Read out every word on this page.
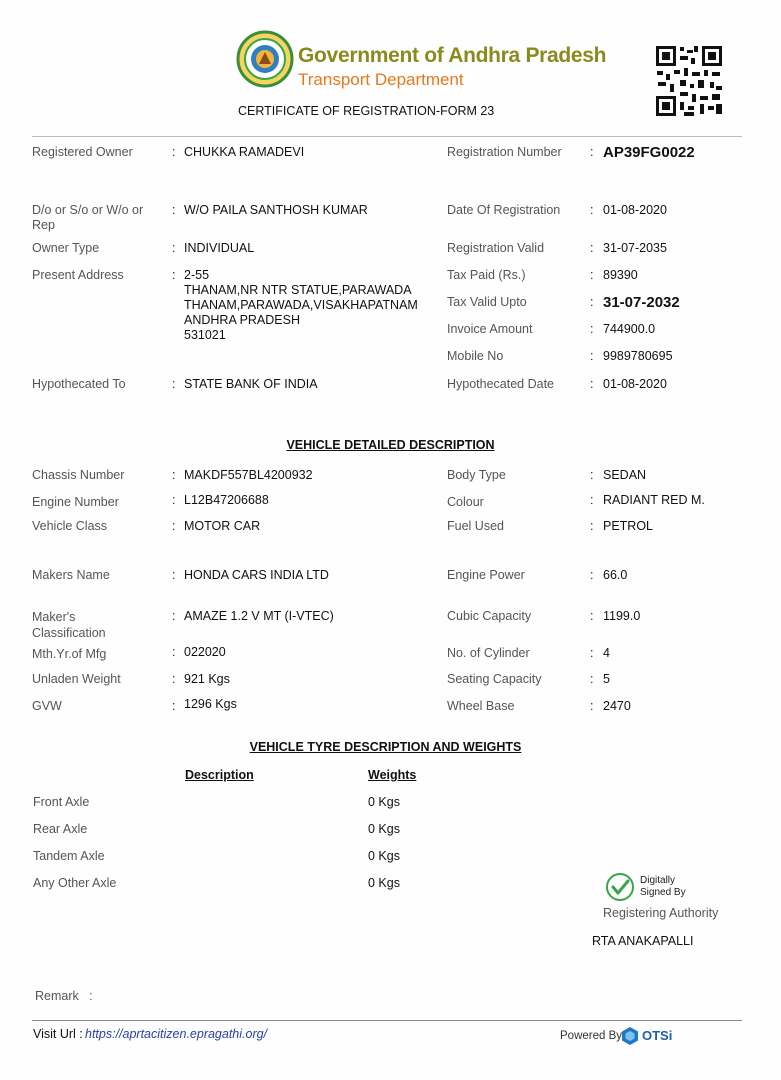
Government of Andhra Pradesh
Transport Department
CERTIFICATE OF REGISTRATION-FORM 23
Registered Owner	: CHUKKA RAMADEVI
D/o or S/o or W/o or
Rep
: W/O PAILA SANTHOSH KUMAR
Owner Type	: INDIVIDUAL
Present Address	: 2-55
THANAM,NR NTR STATUE,PARAWADA
THANAM,PARAWADA,VISAKHAPATNAM
ANDHRA PRADESH
531021
Hypothecated To	: STATE BANK OF INDIA
Registration Number : AP39FG0022
Date Of Registration : 01-08-2020
Registration Valid	: 31-07-2035
Tax Paid (Rs.)	: 89390
Tax Valid Upto	: 31-07-2032
Invoice Amount	: 744900.0
Mobile No	: 9989780695
Hypothecated Date	: 01-08-2020
VEHICLE DETAILED DESCRIPTION
Chassis Number	: MAKDF557BL4200932
Engine Number	: L12B47206688
Vehicle Class	: MOTOR CAR
Makers Name	: HONDA CARS INDIA LTD
Maker's
Classification
: AMAZE 1.2 V MT (I-VTEC)
Mth.Yr.of Mfg	: 022020
Unladen Weight	: 921 Kgs
GVW	: 1296 Kgs
Body Type	: SEDAN
Colour	: RADIANT RED M.
Fuel Used	: PETROL
Engine Power	: 66.0
Cubic Capacity	: 1199.0
No. of Cylinder	: 4
Seating Capacity	: 5
Wheel Base	: 2470
VEHICLE TYRE DESCRIPTION AND WEIGHTS
Description	Weights
Front Axle	0 Kgs
Rear Axle	0 Kgs
Tandem Axle	0 Kgs
Any Other Axle	0 Kgs	Digitally
Signed By
Registering Authority
RTA ANAKAPALLI
Remark   :
Visit Url : https://aprtacitizen.epragathi.org/	Powered By OTSi
